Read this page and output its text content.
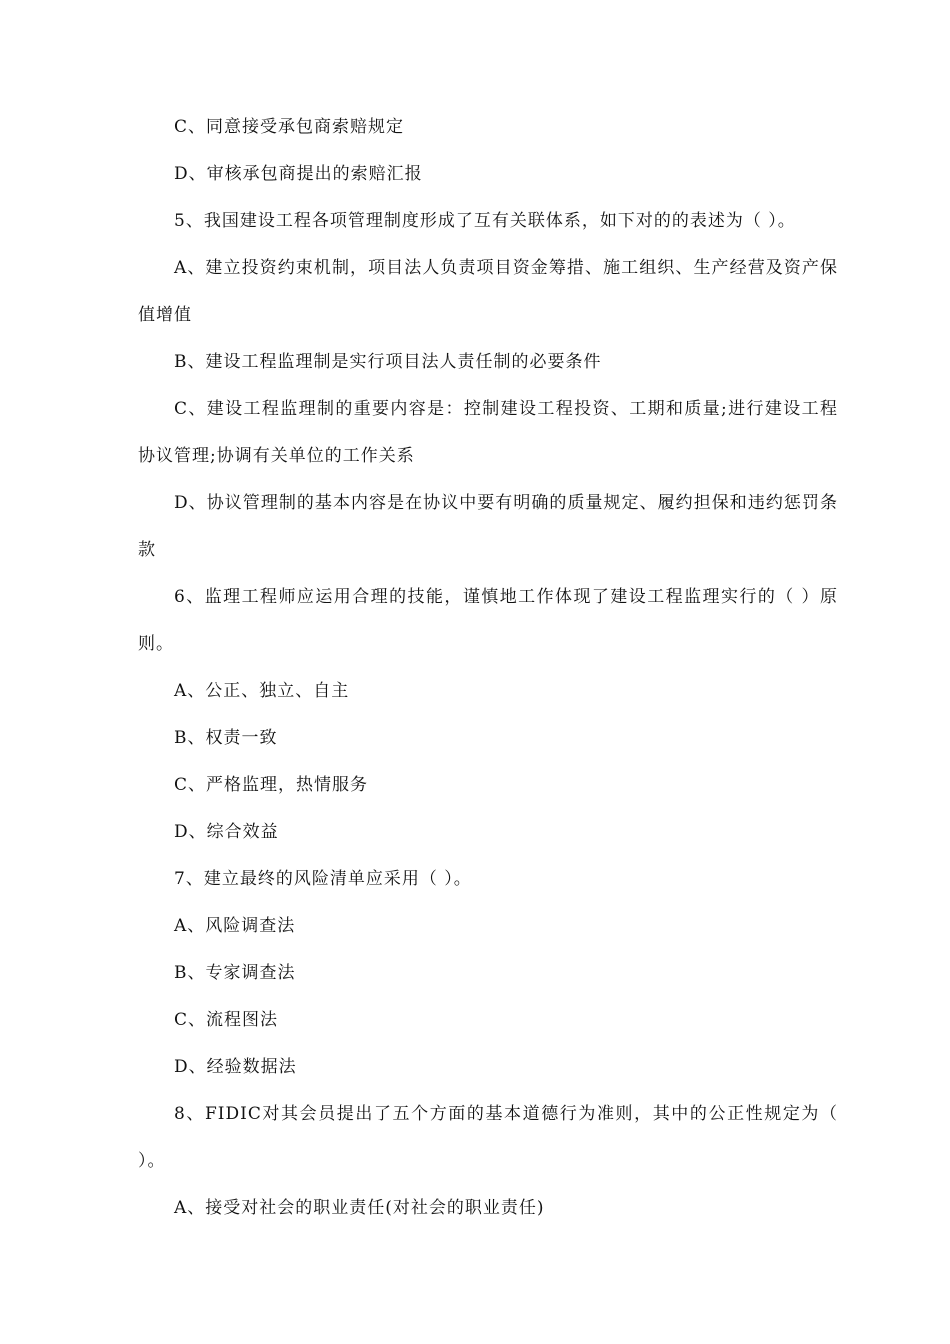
C、同意接受承包商索赔规定

D、审核承包商提出的索赔汇报

5、我国建设工程各项管理制度形成了互有关联体系，如下对的的表述为（ ）。

A、建立投资约束机制，项目法人负责项目资金筹措、施工组织、生产经营及资产保值增值

B、建设工程监理制是实行项目法人责任制的必要条件

C、建设工程监理制的重要内容是：控制建设工程投资、工期和质量;进行建设工程协议管理;协调有关单位的工作关系

D、协议管理制的基本内容是在协议中要有明确的质量规定、履约担保和违约惩罚条款

6、监理工程师应运用合理的技能，谨慎地工作体现了建设工程监理实行的（ ）原则。

A、公正、独立、自主

B、权责一致

C、严格监理，热情服务

D、综合效益

7、建立最终的风险清单应采用（ ）。

A、风险调查法

B、专家调查法

C、流程图法

D、经验数据法

8、FIDIC对其会员提出了五个方面的基本道德行为准则，其中的公正性规定为（ ）。

A、接受对社会的职业责任(对社会的职业责任)
